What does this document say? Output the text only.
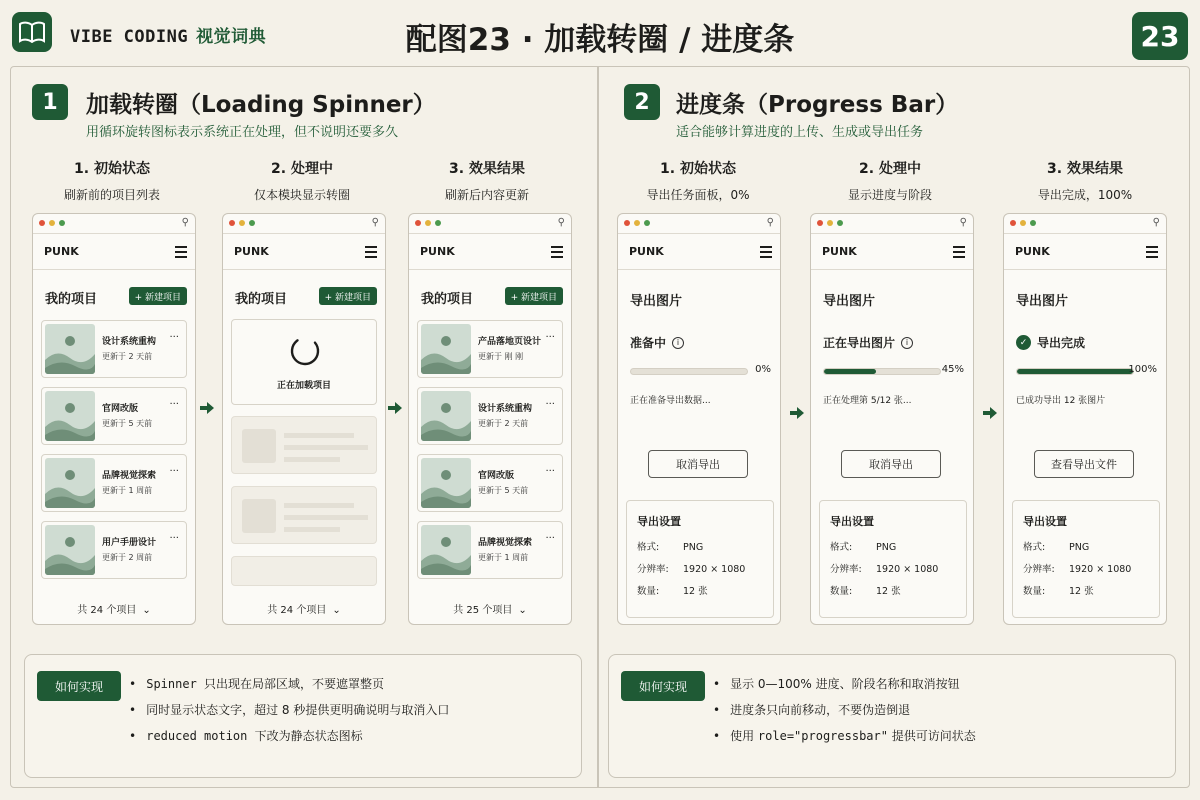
VIBE CODING 视觉词典	配图23 · 加载转圈 / 进度条	23
1	加载转圈（Loading Spinner）
用循环旋转图标表示系统正在处理，但不说明还要多久
1. 初始状态
刷新前的项目列表
2. 处理中
仅本模块显示转圈
3. 效果结果
刷新后内容更新
⚲
PUNK
我的项目	+ 新建项目
设计系统重构
更新于 2 天前
···
官网改版
更新于 5 天前
···
品牌视觉探索
更新于 1 周前
···
用户手册设计
更新于 2 周前
···
共 24 个项目 ⌄
⚲
PUNK
我的项目	+ 新建项目
正在加载项目
共 24 个项目 ⌄
⚲
PUNK
我的项目	+ 新建项目
产品落地页设计
更新于 刚 刚
···
设计系统重构
更新于 2 天前
···
官网改版
更新于 5 天前
···
品牌视觉探索
更新于 1 周前
···
共 25 个项目 ⌄
2	进度条（Progress Bar）
适合能够计算进度的上传、生成或导出任务
1. 初始状态
导出任务面板，0%
2. 处理中
显示进度与阶段
3. 效果结果
导出完成，100%
⚲
PUNK
导出图片
准备中	i
0%
正在准备导出数据...
取消导出
导出设置
格式:	PNG
分辨率: 1920 × 1080
数量:	12 张
⚲
PUNK
导出图片
正在导出图片	i
45%
正在处理第 5/12 张...
取消导出
导出设置
格式:	PNG
分辨率: 1920 × 1080
数量:	12 张
⚲
PUNK
导出图片
✓ 导出完成
100%
已成功导出 12 张图片
查看导出文件
导出设置
格式:	PNG
分辨率: 1920 × 1080
数量:	12 张
如何实现	• Spinner 只出现在局部区域，不要遮罩整页
• 同时显示状态文字，超过 8 秒提供更明确说明与取消入口
• reduced motion 下改为静态状态图标
如何实现	• 显示 0—100% 进度、阶段名称和取消按钮
• 进度条只向前移动，不要伪造倒退
• 使用 role="progressbar" 提供可访问状态
